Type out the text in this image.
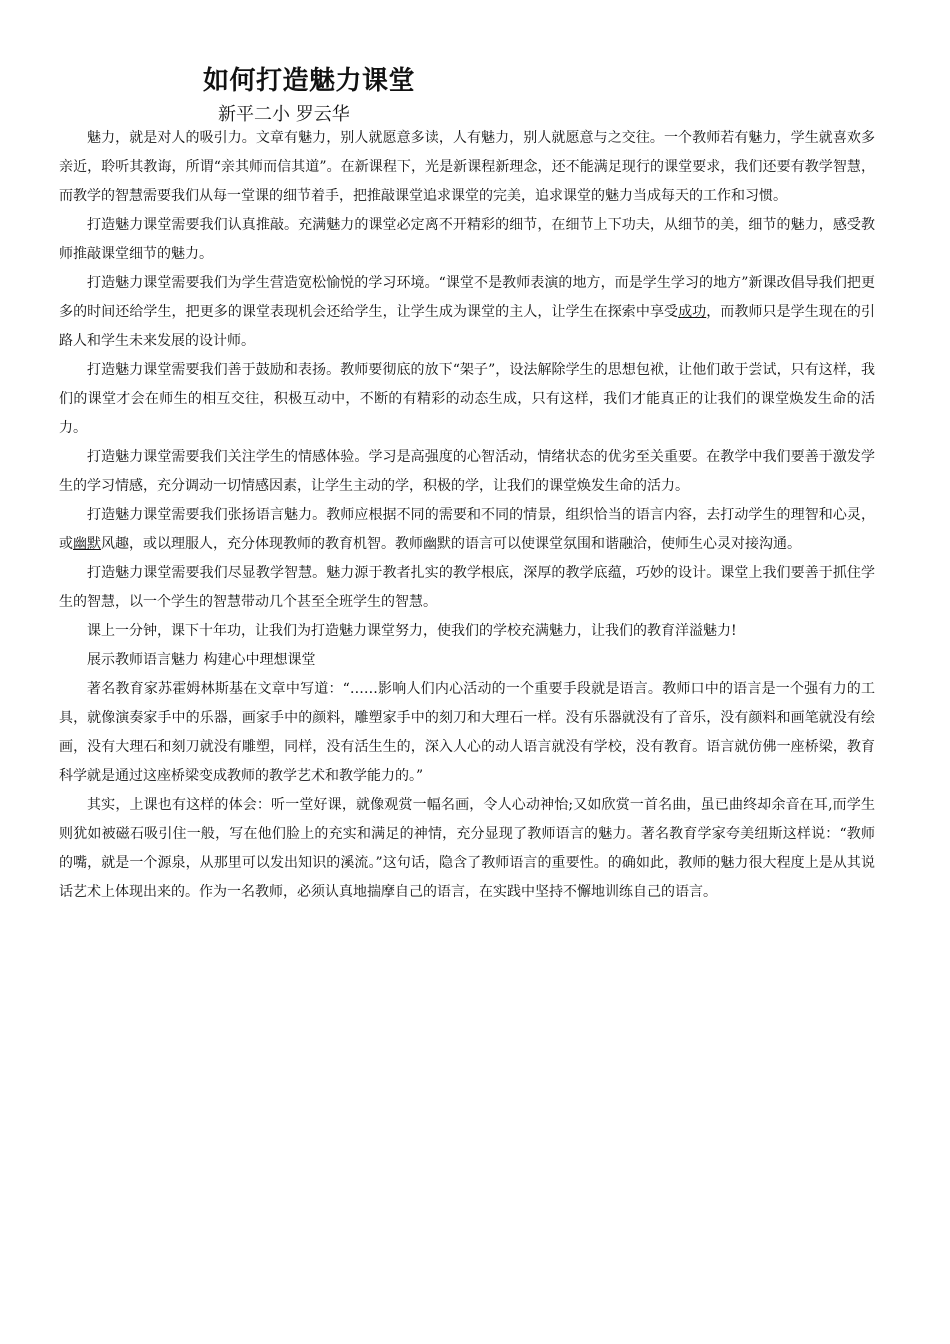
如何打造魅力课堂
新平二小 罗云华

魅力，就是对人的吸引力。文章有魅力，别人就愿意多读，人有魅力，别人就愿意与之交往。一个教师若有魅力，学生就喜欢多亲近，聆听其教诲，所谓“亲其师而信其道”。在新课程下，光是新课程新理念，还不能满足现行的课堂要求，我们还要有教学智慧，而教学的智慧需要我们从每一堂课的细节着手，把推敲课堂追求课堂的完美，追求课堂的魅力当成每天的工作和习惯。

打造魅力课堂需要我们认真推敲。充满魅力的课堂必定离不开精彩的细节，在细节上下功夫，从细节的美，细节的魅力，感受教师推敲课堂细节的魅力。

打造魅力课堂需要我们为学生营造宽松愉悦的学习环境。“课堂不是教师表演的地方，而是学生学习的地方”新课改倡导我们把更多的时间还给学生，把更多的课堂表现机会还给学生，让学生成为课堂的主人，让学生在探索中享受成功，而教师只是学生现在的引路人和学生未来发展的设计师。

打造魅力课堂需要我们善于鼓励和表扬。教师要彻底的放下“架子”，设法解除学生的思想包袱，让他们敢于尝试，只有这样，我们的课堂才会在师生的相互交往，积极互动中，不断的有精彩的动态生成，只有这样，我们才能真正的让我们的课堂焕发生命的活力。

打造魅力课堂需要我们关注学生的情感体验。学习是高强度的心智活动，情绪状态的优劣至关重要。在教学中我们要善于激发学生的学习情感，充分调动一切情感因素，让学生主动的学，积极的学，让我们的课堂焕发生命的活力。

打造魅力课堂需要我们张扬语言魅力。教师应根据不同的需要和不同的情景，组织恰当的语言内容，去打动学生的理智和心灵，或幽默风趣，或以理服人，充分体现教师的教育机智。教师幽默的语言可以使课堂氛围和谐融洽，使师生心灵对接沟通。

打造魅力课堂需要我们尽显教学智慧。魅力源于教者扎实的教学根底，深厚的教学底蕴，巧妙的设计。课堂上我们要善于抓住学生的智慧，以一个学生的智慧带动几个甚至全班学生的智慧。

课上一分钟，课下十年功，让我们为打造魅力课堂努力，使我们的学校充满魅力，让我们的教育洋溢魅力!

展示教师语言魅力 构建心中理想课堂

著名教育家苏霍姆林斯基在文章中写道：“……影响人们内心活动的一个重要手段就是语言。教师口中的语言是一个强有力的工具，就像演奏家手中的乐器，画家手中的颜料，雕塑家手中的刻刀和大理石一样。没有乐器就没有了音乐，没有颜料和画笔就没有绘画，没有大理石和刻刀就没有雕塑，同样，没有活生生的，深入人心的动人语言就没有学校，没有教育。语言就仿佛一座桥梁，教育科学就是通过这座桥梁变成教师的教学艺术和教学能力的。”

其实，上课也有这样的体会：听一堂好课，就像观赏一幅名画，令人心动神怡;又如欣赏一首名曲，虽已曲终却余音在耳,而学生则犹如被磁石吸引住一般，写在他们脸上的充实和满足的神情，充分显现了教师语言的魅力。著名教育学家夸美纽斯这样说：“教师的嘴，就是一个源泉，从那里可以发出知识的溪流。”这句话，隐含了教师语言的重要性。的确如此，教师的魅力很大程度上是从其说话艺术上体现出来的。作为一名教师，必须认真地揣摩自己的语言，在实践中坚持不懈地训练自己的语言。
